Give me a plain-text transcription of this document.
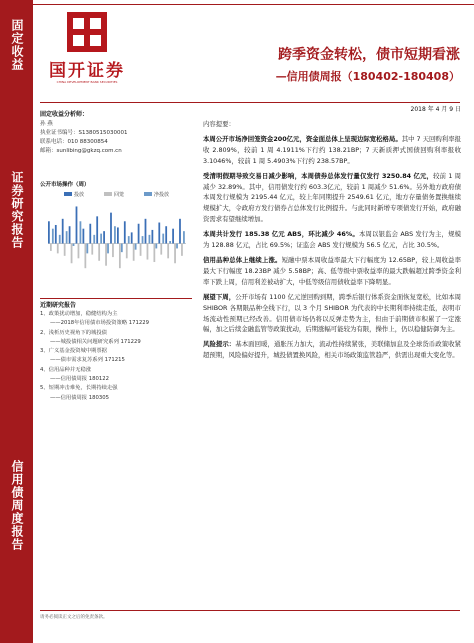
固定收益
证券研究报告
信用债周度报告
国开证券
CHINA DEVELOPMENT BANK SECURITIES
跨季资金转松，债市短期看涨
—信用债周报（180402-180408）
固定收益分析师：
孙 燕
执业证书编号：S1380515030001
联系电话：010 88300854
邮箱：sunlibing@gkzq.com.cn
公开市场操作（周）
投放	回笼	净投放
近期研究报告
1、政策扰动增加，稳健结构为主
——2018年信用债市场投资策略 171229
2、浅析历史视角下的城投债
——城投债相关问题研究系列 171229
3、广义基金投资城中期票据
——债市需求复苏系列 171215
4、信用品种并无稳涨
——信用债周报 180122
5、短期冲击难免，长期持续走强
——信用债周报 180305
2018 年 4 月 9 日
内容提要：
本周公开市场净回笼资金200亿元，资金面总体上呈现边际宽松格局。其中 7 天回购利率报收 2.809%，较前 1 周 4.1911%下行约 138.21BP；7 天新质押式国债回购利率报收 3.1046%，较前 1 周 5.4903%下行约 238.57BP。
受清明假期导致交易日减少影响，本周债券总体发行量仅发行 3250.84 亿元，较前 1 周减少 32.89%。其中，信用债发行约 603.3亿元，较前 1 周减少 51.6%。另外地方政府债本周发行规模为 2195.44 亿元，较上年同期提升 2549.61 亿元，地方存量债务置换继续规模扩大，令政府方发行债券占总体发行比例提升。与此同时新增专项债发行开始，政府融资需求有望继续增加。
本周共计发行 185.38 亿元 ABS，环比减少 46%。本周以银监会 ABS 发行为主，规模为 128.88 亿元，占比 69.5%；证监会 ABS 发行规模为 56.5 亿元，占比 30.5%。
信用品种总体上继续上涨。短融中票本周收益率最大下行幅度为 12.65BP，较上周收益率最大下行幅度 18.23BP 减少 5.58BP；高、低等级中票收益率的最大跌幅超过跨季资金利率下跌上周，信用利差被动扩大，中低等级信用债收益率下降明显。
展望下周，公开市场有 1100 亿元逆回购到期，跨季后银行体系资金面恢复宽松，比如本周 SHIBOR 各期限品种全线下行，以 3 个月 SHIBOR 为代表的中长期利率持续走低，表明市场流动性预期已经改善。信用债市场仍将以反弹走势为主，但由于前期债市积累了一定涨幅，加之后续金融监管等政策扰动，后期涨幅可能较为有限，操作上，仍以稳健防御为主。
风险提示：基本面回暖，通胀压力加大，流动性持续紧张，美联储加息及全球货币政策收紧超预期，风险偏好提升，城投债置换风险，相关市场政策监管趋严，供需出现重大变化等。
请务必阅读正文之后的免责条款。
